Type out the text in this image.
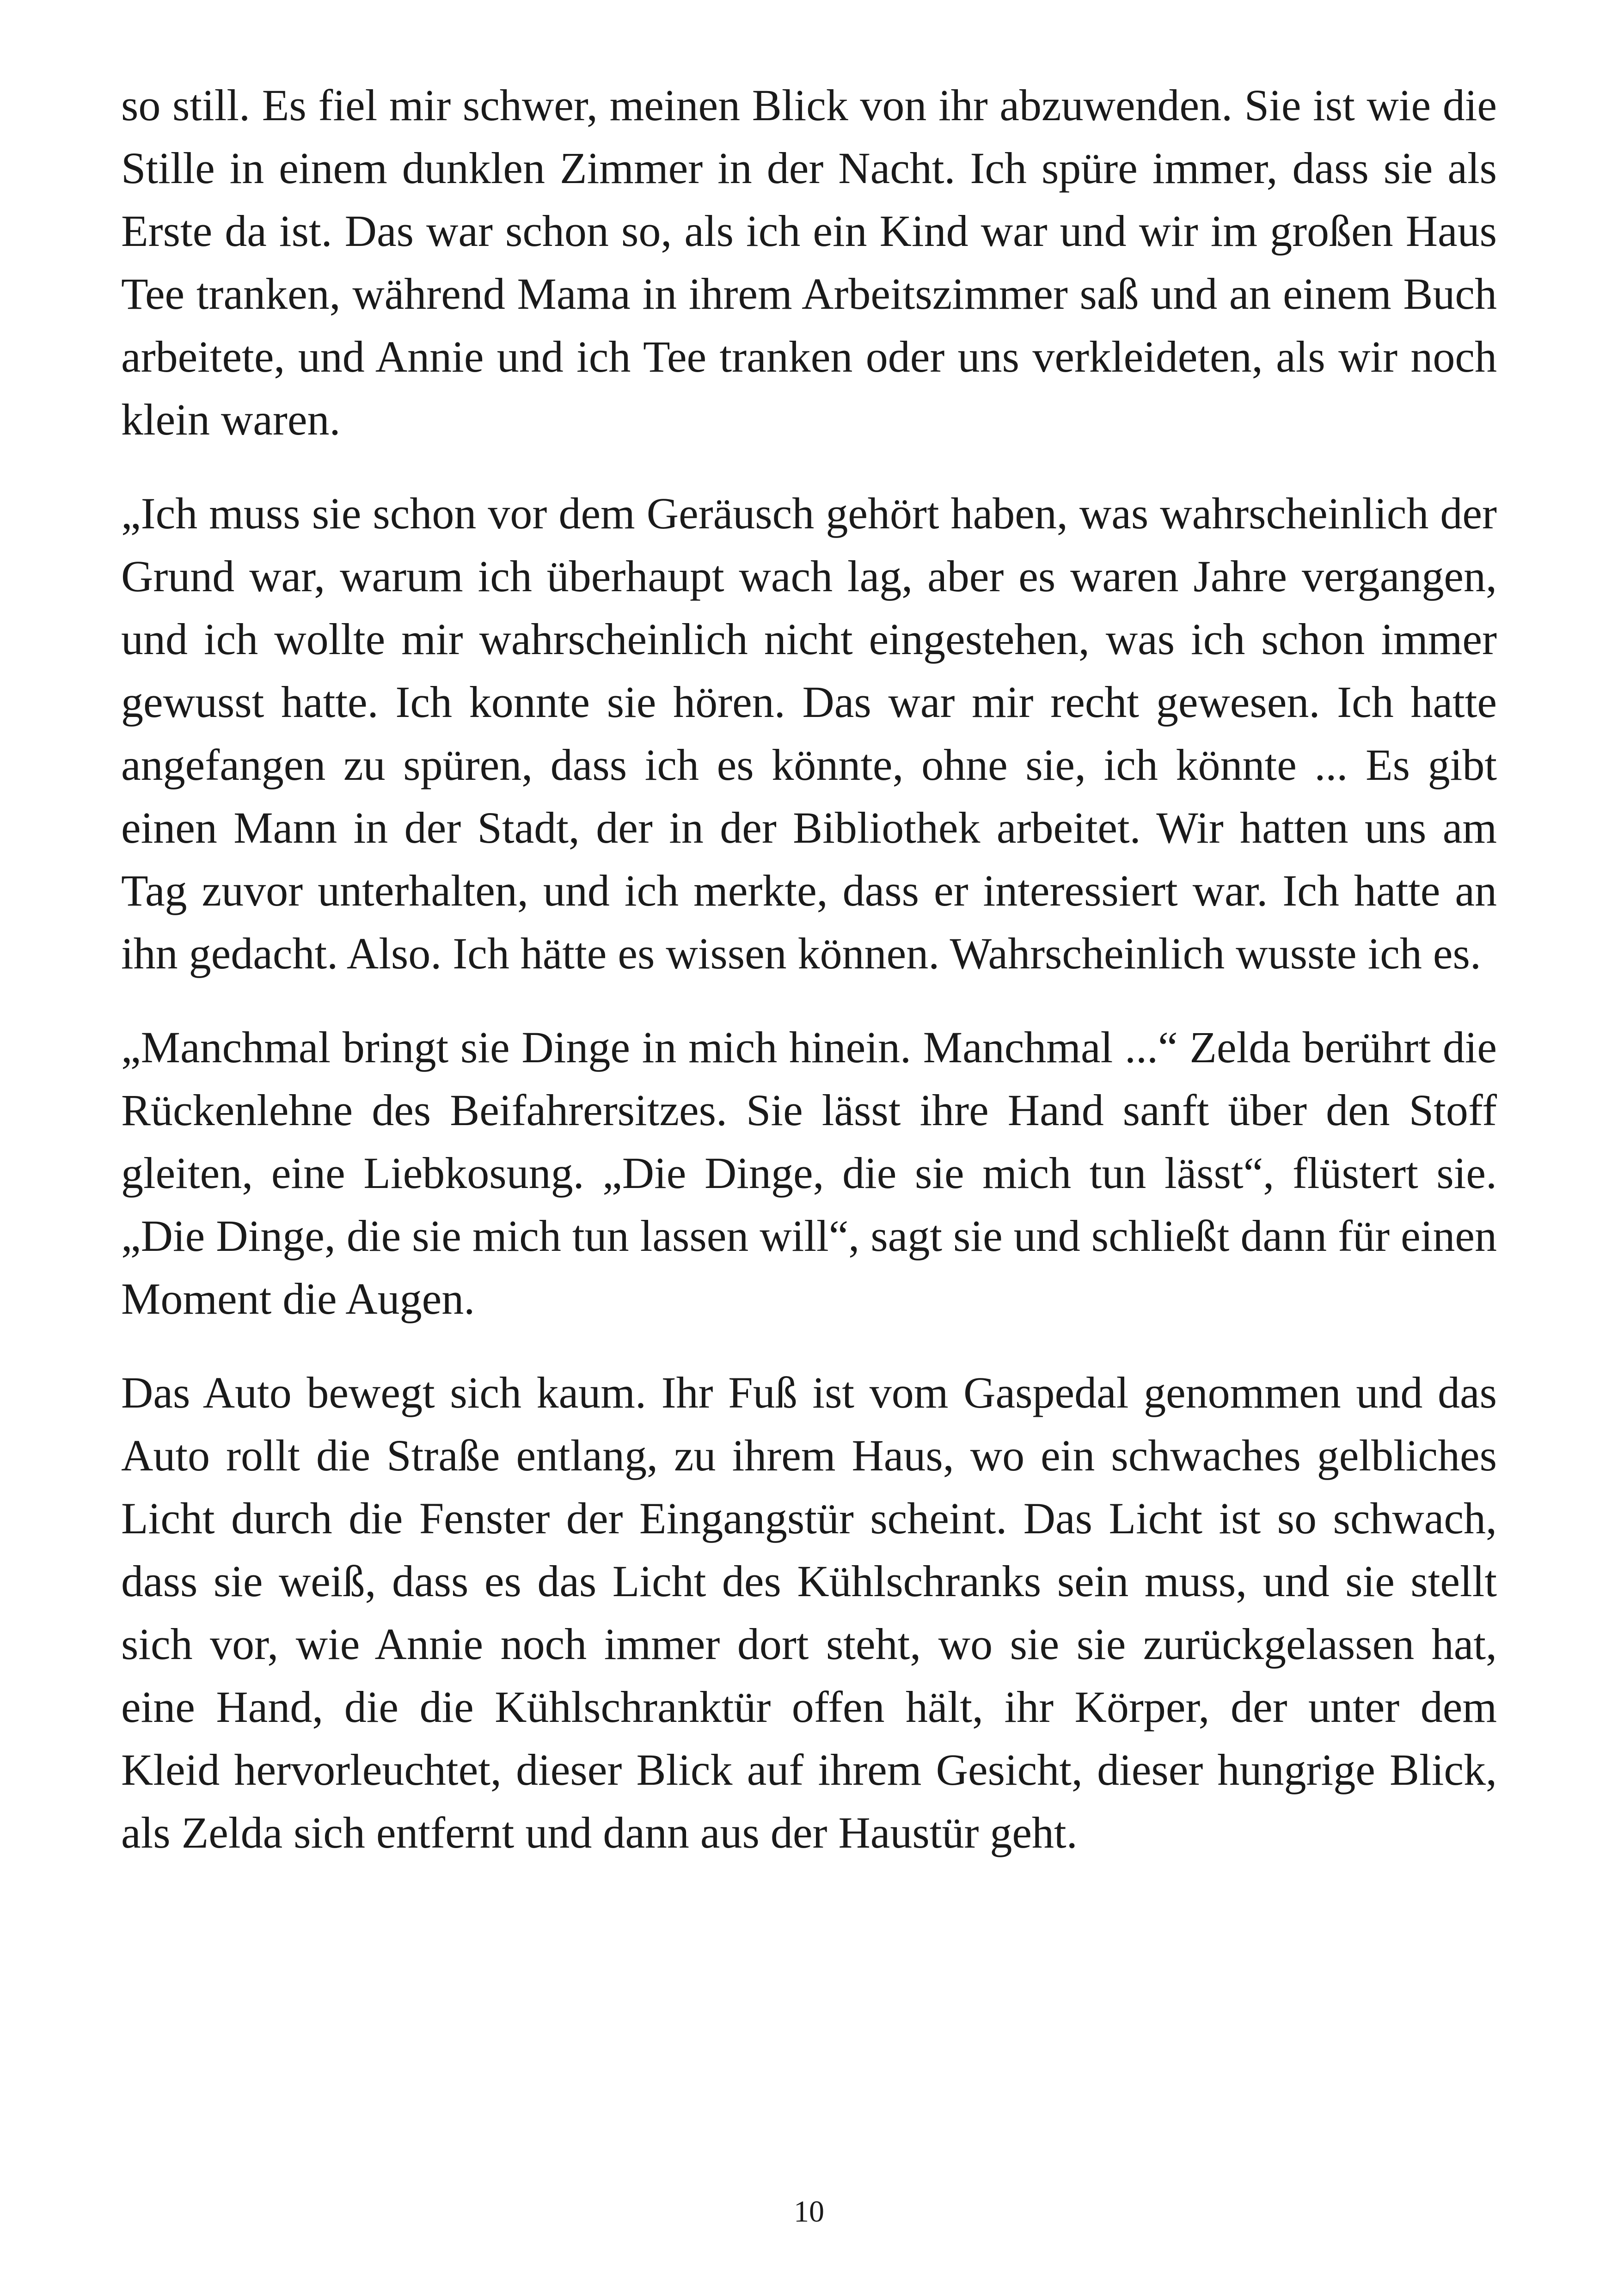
so still. Es fiel mir schwer, meinen Blick von ihr abzuwenden. Sie ist wie die Stille in einem dunklen Zimmer in der Nacht. Ich spüre immer, dass sie als Erste da ist. Das war schon so, als ich ein Kind war und wir im großen Haus Tee tranken, während Mama in ihrem Arbeitszimmer saß und an einem Buch arbeitete, und Annie und ich Tee tranken oder uns verkleideten, als wir noch klein waren.

„Ich muss sie schon vor dem Geräusch gehört haben, was wahrscheinlich der Grund war, warum ich überhaupt wach lag, aber es waren Jahre vergangen, und ich wollte mir wahrscheinlich nicht eingestehen, was ich schon immer gewusst hatte. Ich konnte sie hören. Das war mir recht gewesen. Ich hatte angefangen zu spüren, dass ich es könnte, ohne sie, ich könnte ... Es gibt einen Mann in der Stadt, der in der Bibliothek arbeitet. Wir hatten uns am Tag zuvor unterhalten, und ich merkte, dass er interessiert war. Ich hatte an ihn gedacht. Also. Ich hätte es wissen können. Wahrscheinlich wusste ich es.

„Manchmal bringt sie Dinge in mich hinein. Manchmal ...“ Zelda berührt die Rückenlehne des Beifahrersitzes. Sie lässt ihre Hand sanft über den Stoff gleiten, eine Liebkosung. „Die Dinge, die sie mich tun lässt“, flüstert sie. „Die Dinge, die sie mich tun lassen will“, sagt sie und schließt dann für einen Moment die Augen.

Das Auto bewegt sich kaum. Ihr Fuß ist vom Gaspedal genommen und das Auto rollt die Straße entlang, zu ihrem Haus, wo ein schwaches gelbliches Licht durch die Fenster der Eingangstür scheint. Das Licht ist so schwach, dass sie weiß, dass es das Licht des Kühlschranks sein muss, und sie stellt sich vor, wie Annie noch immer dort steht, wo sie sie zurückgelassen hat, eine Hand, die die Kühlschranktür offen hält, ihr Körper, der unter dem Kleid hervorleuchtet, dieser Blick auf ihrem Gesicht, dieser hungrige Blick, als Zelda sich entfernt und dann aus der Haustür geht.

10
